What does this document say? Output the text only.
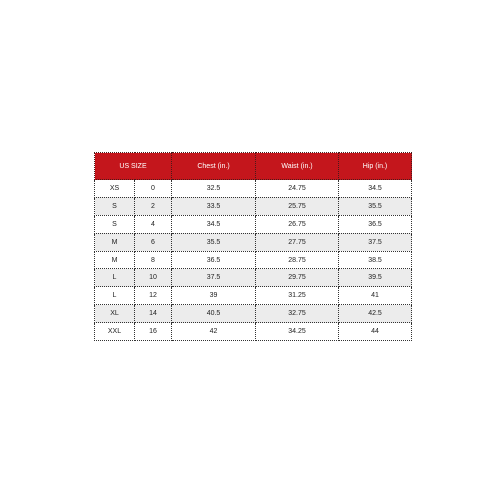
US SIZE		Chest (in.)	Waist (in.)	Hip (in.)
XS	0	32.5	24.75	34.5
S	2	33.5	25.75	35.5
S	4	34.5	26.75	36.5
M	6	35.5	27.75	37.5
M	8	36.5	28.75	38.5
L	10	37.5	29.75	39.5
L	12	39	31.25	41
XL	14	40.5	32.75	42.5
XXL	16	42	34.25	44
